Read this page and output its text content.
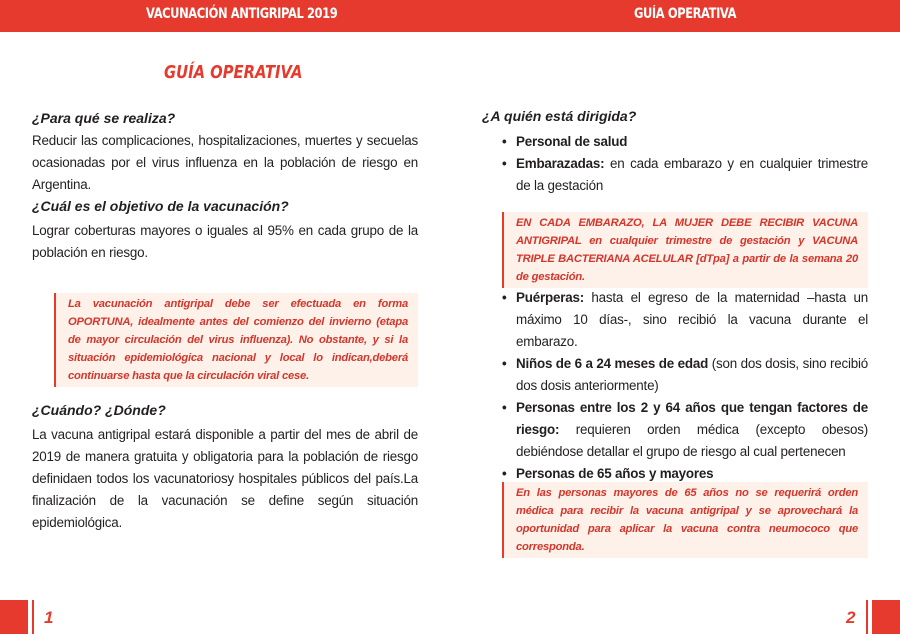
VACUNACIÓN ANTIGRIPAL 2019	GUÍA OPERATIVA
GUÍA OPERATIVA
¿Para qué se realiza?
Reducir las complicaciones, hospitalizaciones, muertes y secuelas ocasionadas por el virus influenza en la población de riesgo en Argentina.
¿Cuál es el objetivo de la vacunación?
Lograr coberturas mayores o iguales al 95% en cada grupo de la población en riesgo.
La vacunación antigripal debe ser efectuada en forma OPORTUNA, idealmente antes del comienzo del invierno (etapa de mayor circulación del virus influenza). No obstante, y si la situación epidemiológica nacional y local lo indican,deberá continuarse hasta que la circulación viral cese.
¿Cuándo? ¿Dónde?
La vacuna antigripal estará disponible a partir del mes de abril de 2019 de manera gratuita y obligatoria para la población de riesgo definidaen todos los vacunatoriosy hospitales públicos del país.La finalización de la vacunación se define según situación epidemiológica.
¿A quién está dirigida?
• Personal de salud
• Embarazadas: en cada embarazo y en cualquier trimestre de la gestación
EN CADA EMBARAZO, LA MUJER DEBE RECIBIR VACUNA ANTIGRIPAL en cualquier trimestre de gestación y VACUNA TRIPLE BACTERIANA ACELULAR [dTpa] a partir de la semana 20 de gestación.
• Puérperas: hasta el egreso de la maternidad –hasta un máximo 10 días-, sino recibió la vacuna durante el embarazo.
• Niños de 6 a 24 meses de edad (son dos dosis, sino recibió dos dosis anteriormente)
• Personas entre los 2 y 64 años que tengan factores de riesgo: requieren orden médica (excepto obesos) debiéndose detallar el grupo de riesgo al cual pertenecen
• Personas de 65 años y mayores
En las personas mayores de 65 años no se requerirá orden médica para recibir la vacuna antigripal y se aprovechará la oportunidad para aplicar la vacuna contra neumococo que corresponda.
1	2
